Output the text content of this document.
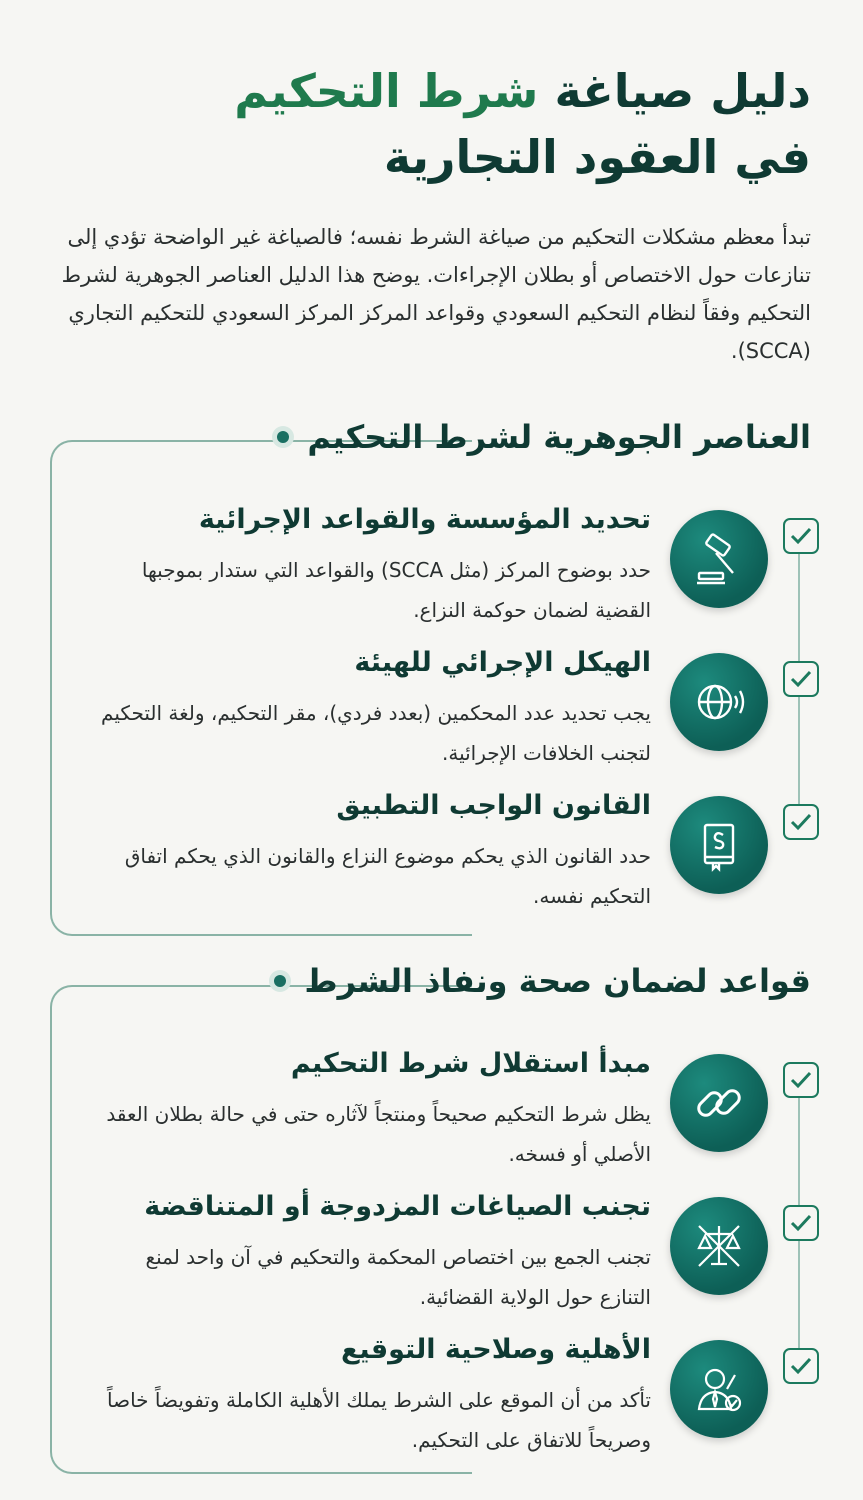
دليل صياغة شرط التحكيم
في العقود التجارية
تبدأ معظم مشكلات التحكيم من صياغة الشرط نفسه؛ فالصياغة غير الواضحة تؤدي إلى تنازعات حول الاختصاص أو بطلان الإجراءات. يوضح هذا الدليل العناصر الجوهرية لشرط التحكيم وفقاً لنظام التحكيم السعودي وقواعد المركز المركز السعودي للتحكيم التجاري (SCCA).
العناصر الجوهرية لشرط التحكيم
تحديد المؤسسة والقواعد الإجرائية
حدد بوضوح المركز (مثل SCCA) والقواعد التي ستدار بموجبها القضية لضمان حوكمة النزاع.
الهيكل الإجرائي للهيئة
يجب تحديد عدد المحكمين (بعدد فردي)، مقر التحكيم، ولغة التحكيم لتجنب الخلافات الإجرائية.
القانون الواجب التطبيق
حدد القانون الذي يحكم موضوع النزاع والقانون الذي يحكم اتفاق التحكيم نفسه.
قواعد لضمان صحة ونفاذ الشرط
مبدأ استقلال شرط التحكيم
يظل شرط التحكيم صحيحاً ومنتجاً لآثاره حتى في حالة بطلان العقد الأصلي أو فسخه.
تجنب الصياغات المزدوجة أو المتناقضة
تجنب الجمع بين اختصاص المحكمة والتحكيم في آن واحد لمنع التنازع حول الولاية القضائية.
الأهلية وصلاحية التوقيع
تأكد من أن الموقع على الشرط يملك الأهلية الكاملة وتفويضاً خاصاً وصريحاً للاتفاق على التحكيم.
